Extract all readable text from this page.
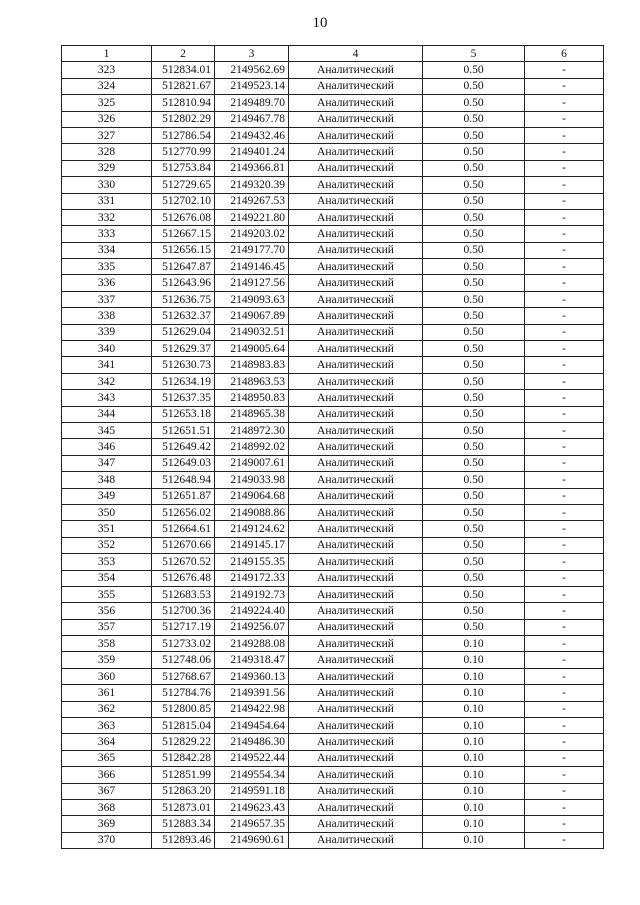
10
1	2	3	4	5	6
323	512834.01	2149562.69	Аналитический	0.50	-
324	512821.67	2149523.14	Аналитический	0.50	-
325	512810.94	2149489.70	Аналитический	0.50	-
326	512802.29	2149467.78	Аналитический	0.50	-
327	512786.54	2149432.46	Аналитический	0.50	-
328	512770.99	2149401.24	Аналитический	0.50	-
329	512753.84	2149366.81	Аналитический	0.50	-
330	512729.65	2149320.39	Аналитический	0.50	-
331	512702.10	2149267.53	Аналитический	0.50	-
332	512676.08	2149221.80	Аналитический	0.50	-
333	512667.15	2149203.02	Аналитический	0.50	-
334	512656.15	2149177.70	Аналитический	0.50	-
335	512647.87	2149146.45	Аналитический	0.50	-
336	512643.96	2149127.56	Аналитический	0.50	-
337	512636.75	2149093.63	Аналитический	0.50	-
338	512632.37	2149067.89	Аналитический	0.50	-
339	512629.04	2149032.51	Аналитический	0.50	-
340	512629.37	2149005.64	Аналитический	0.50	-
341	512630.73	2148983.83	Аналитический	0.50	-
342	512634.19	2148963.53	Аналитический	0.50	-
343	512637.35	2148950.83	Аналитический	0.50	-
344	512653.18	2148965.38	Аналитический	0.50	-
345	512651.51	2148972.30	Аналитический	0.50	-
346	512649.42	2148992.02	Аналитический	0.50	-
347	512649.03	2149007.61	Аналитический	0.50	-
348	512648.94	2149033.98	Аналитический	0.50	-
349	512651.87	2149064.68	Аналитический	0.50	-
350	512656.02	2149088.86	Аналитический	0.50	-
351	512664.61	2149124.62	Аналитический	0.50	-
352	512670.66	2149145.17	Аналитический	0.50	-
353	512670.52	2149155.35	Аналитический	0.50	-
354	512676.48	2149172.33	Аналитический	0.50	-
355	512683.53	2149192.73	Аналитический	0.50	-
356	512700.36	2149224.40	Аналитический	0.50	-
357	512717.19	2149256.07	Аналитический	0.50	-
358	512733.02	2149288.08	Аналитический	0.10	-
359	512748.06	2149318.47	Аналитический	0.10	-
360	512768.67	2149360.13	Аналитический	0.10	-
361	512784.76	2149391.56	Аналитический	0.10	-
362	512800.85	2149422.98	Аналитический	0.10	-
363	512815.04	2149454.64	Аналитический	0.10	-
364	512829.22	2149486.30	Аналитический	0.10	-
365	512842.28	2149522.44	Аналитический	0.10	-
366	512851.99	2149554.34	Аналитический	0.10	-
367	512863.20	2149591.18	Аналитический	0.10	-
368	512873.01	2149623.43	Аналитический	0.10	-
369	512883.34	2149657.35	Аналитический	0.10	-
370	512893.46	2149690.61	Аналитический	0.10	-
